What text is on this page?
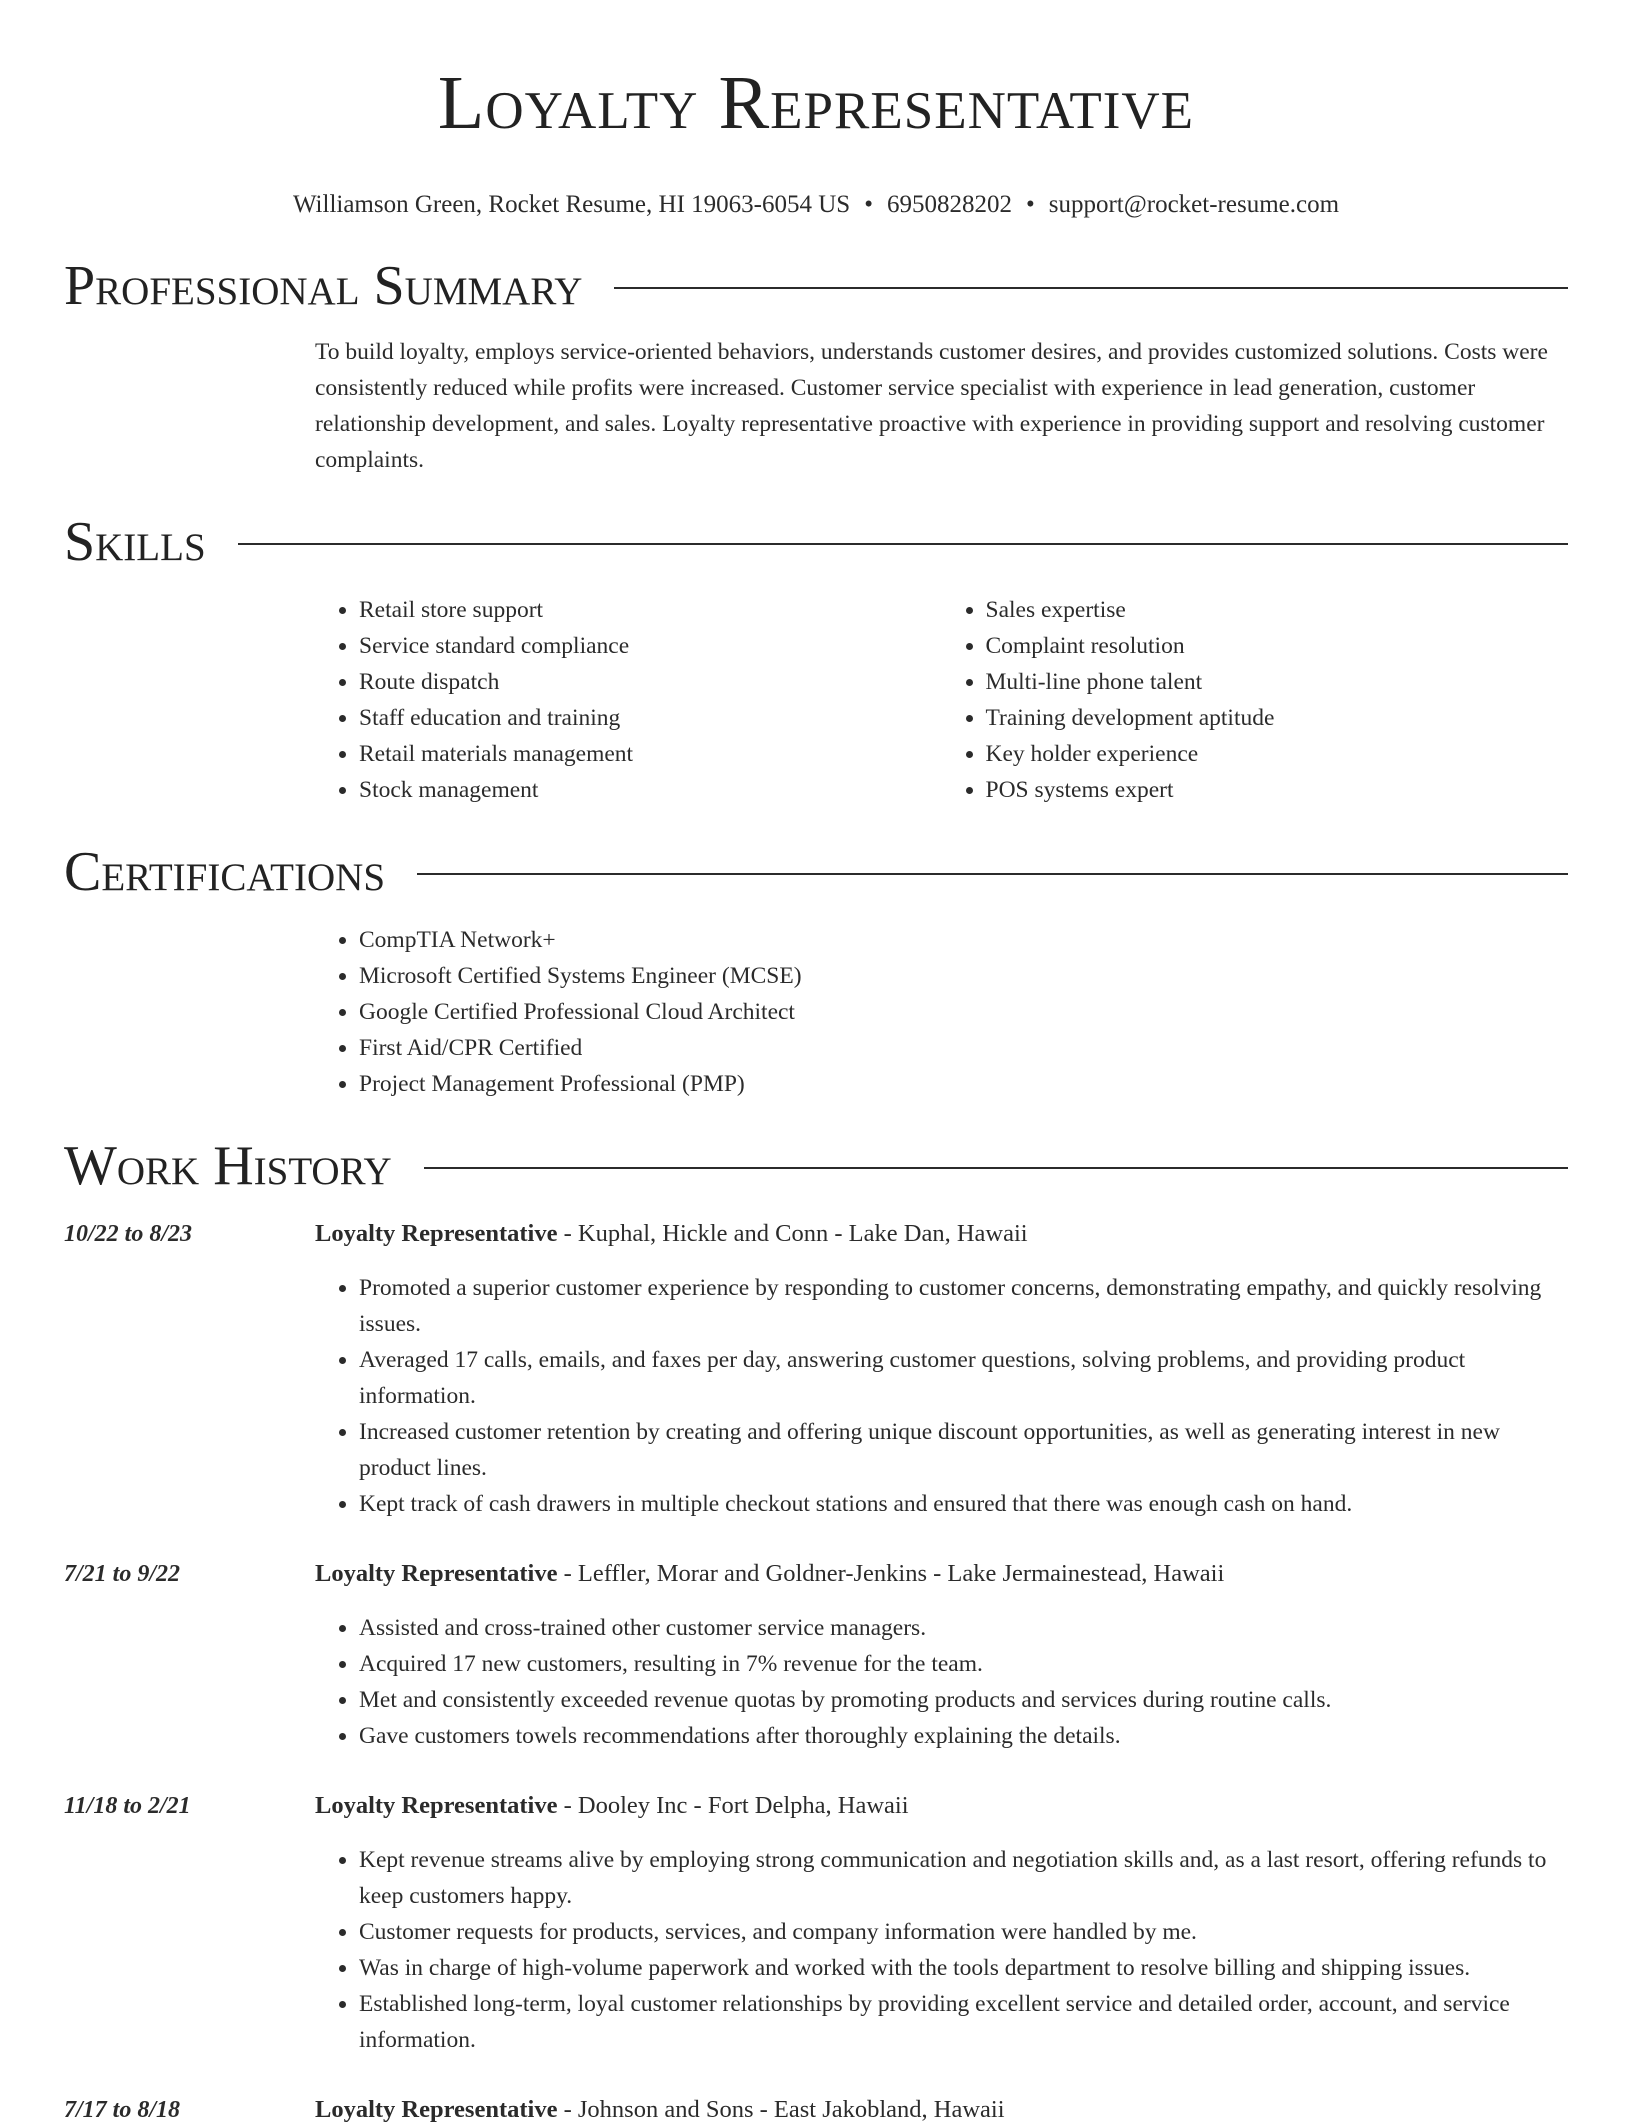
Loyalty Representative
Williamson Green, Rocket Resume, HI 19063-6054 US • 6950828202 • support@rocket-resume.com
Professional Summary

To build loyalty, employs service-oriented behaviors, understands customer desires, and provides customized solutions. Costs were consistently reduced while profits were increased. Customer service specialist with experience in lead generation, customer relationship development, and sales. Loyalty representative proactive with experience in providing support and resolving customer complaints.

Skills
• Retail store support
• Service standard compliance
• Route dispatch
• Staff education and training
• Retail materials management
• Stock management
• Sales expertise
• Complaint resolution
• Multi-line phone talent
• Training development aptitude
• Key holder experience
• POS systems expert
Certifications
• CompTIA Network+
• Microsoft Certified Systems Engineer (MCSE)
• Google Certified Professional Cloud Architect
• First Aid/CPR Certified
• Project Management Professional (PMP)
Work History
10/22 to 8/23	Loyalty Representative - Kuphal, Hickle and Conn - Lake Dan, Hawaii
• Promoted a superior customer experience by responding to customer concerns, demonstrating empathy, and quickly resolving issues.
• Averaged 17 calls, emails, and faxes per day, answering customer questions, solving problems, and providing product information.
• Increased customer retention by creating and offering unique discount opportunities, as well as generating interest in new product lines.
• Kept track of cash drawers in multiple checkout stations and ensured that there was enough cash on hand.
7/21 to 9/22	Loyalty Representative - Leffler, Morar and Goldner-Jenkins - Lake Jermainestead, Hawaii
• Assisted and cross-trained other customer service managers.
• Acquired 17 new customers, resulting in 7% revenue for the team.
• Met and consistently exceeded revenue quotas by promoting products and services during routine calls.
• Gave customers towels recommendations after thoroughly explaining the details.
11/18 to 2/21	Loyalty Representative - Dooley Inc - Fort Delpha, Hawaii
• Kept revenue streams alive by employing strong communication and negotiation skills and, as a last resort, offering refunds to keep customers happy.
• Customer requests for products, services, and company information were handled by me.
• Was in charge of high-volume paperwork and worked with the tools department to resolve billing and shipping issues.
• Established long-term, loyal customer relationships by providing excellent service and detailed order, account, and service information.
7/17 to 8/18	Loyalty Representative - Johnson and Sons - East Jakobland, Hawaii
